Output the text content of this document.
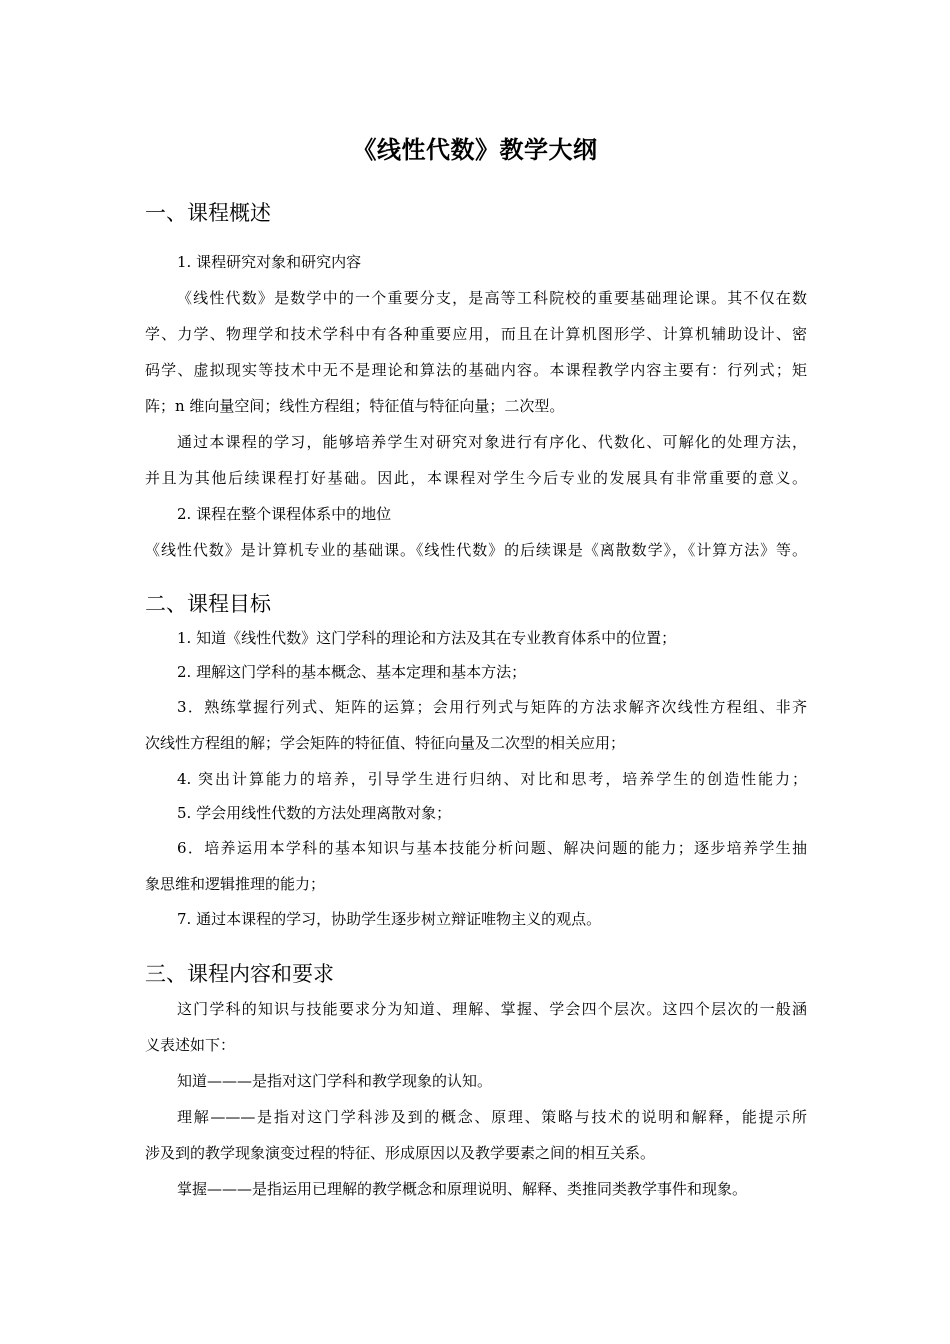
《线性代数》教学大纲
一、课程概述

1. 课程研究对象和研究内容

《线性代数》是数学中的一个重要分支，是高等工科院校的重要基础理论课。其不仅在数

学、力学、物理学和技术学科中有各种重要应用，而且在计算机图形学、计算机辅助设计、密

码学、虚拟现实等技术中无不是理论和算法的基础内容。本课程教学内容主要有：行列式；矩

阵；n 维向量空间；线性方程组；特征值与特征向量；二次型。

通过本课程的学习，能够培养学生对研究对象进行有序化、代数化、可解化的处理方法，

并且为其他后续课程打好基础。因此，本课程对学生今后专业的发展具有非常重要的意义。

2. 课程在整个课程体系中的地位

《线性代数》是计算机专业的基础课。《线性代数》的后续课是《离散数学》，《计算方法》等。

二、课程目标

1. 知道《线性代数》这门学科的理论和方法及其在专业教育体系中的位置；

2. 理解这门学科的基本概念、基本定理和基本方法；

3．熟练掌握行列式、矩阵的运算；会用行列式与矩阵的方法求解齐次线性方程组、非齐

次线性方程组的解；学会矩阵的特征值、特征向量及二次型的相关应用；

4. 突出计算能力的培养，引导学生进行归纳、对比和思考，培养学生的创造性能力；

5. 学会用线性代数的方法处理离散对象；

6．培养运用本学科的基本知识与基本技能分析问题、解决问题的能力；逐步培养学生抽

象思维和逻辑推理的能力；

7. 通过本课程的学习，协助学生逐步树立辩证唯物主义的观点。

三、课程内容和要求

这门学科的知识与技能要求分为知道、理解、掌握、学会四个层次。这四个层次的一般涵

义表述如下：

知道———是指对这门学科和教学现象的认知。

理解———是指对这门学科涉及到的概念、原理、策略与技术的说明和解释，能提示所

涉及到的教学现象演变过程的特征、形成原因以及教学要素之间的相互关系。

掌握———是指运用已理解的教学概念和原理说明、解释、类推同类教学事件和现象。
